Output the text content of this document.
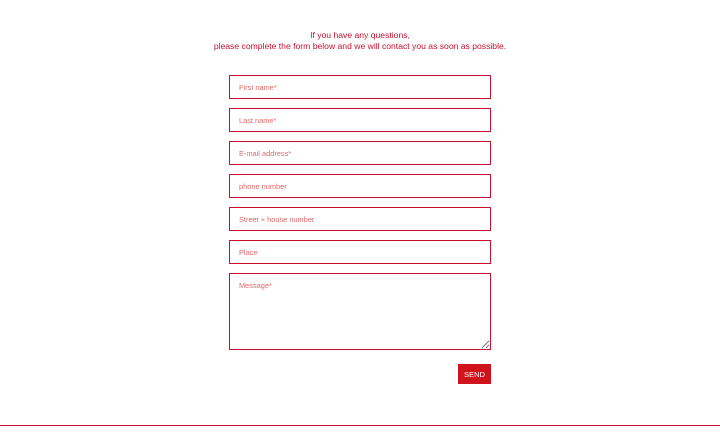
If you have any questions,
please complete the form below and we will contact you as soon as possible.
First name*
Last name*
E-mail address*
phone number
Street + house number
Place
Message*
SEND
